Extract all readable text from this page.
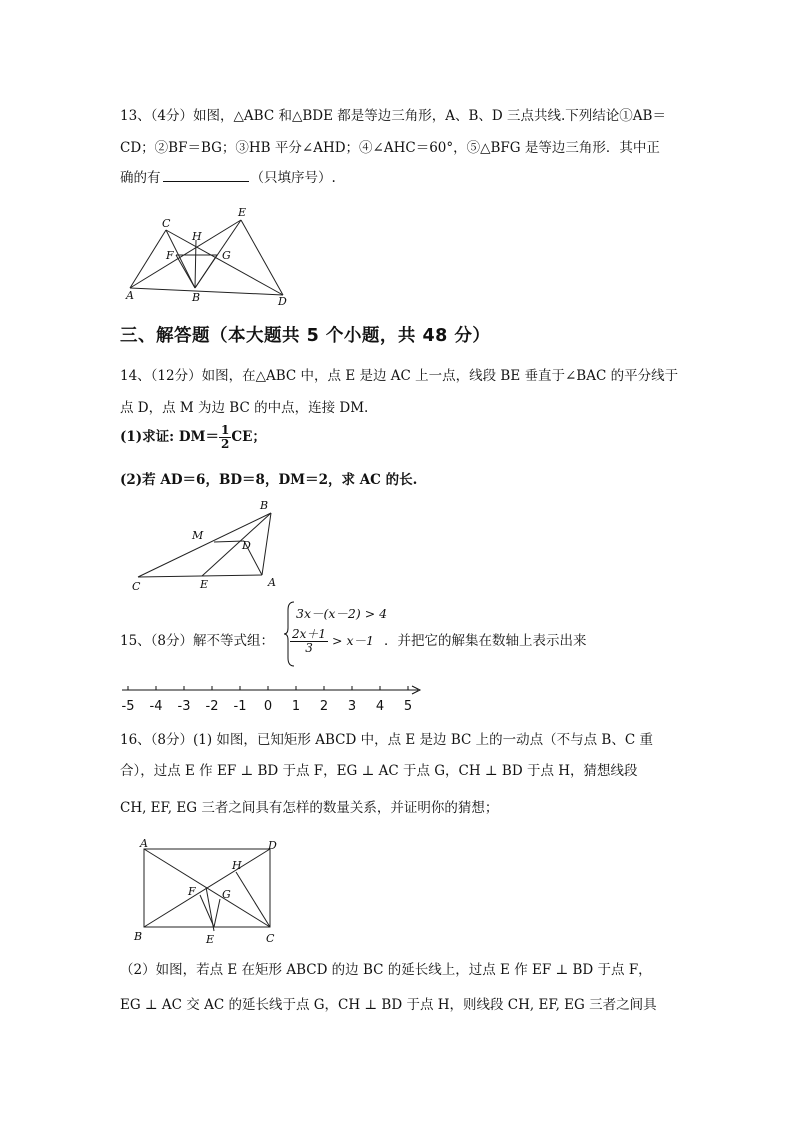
13、（4分）如图，△ABC 和△BDE 都是等边三角形，A、B、D 三点共线.下列结论①AB＝
CD；②BF＝BG；③HB 平分∠AHD；④∠AHC＝60°，⑤△BFG 是等边三角形．其中正
确的有	（只填序号）.
C
E
H
F	G
A	B	D
三、解答题（本大题共 5 个小题，共 48 分）
14、（12分）如图，在△ABC 中，点 E 是边 AC 上一点，线段 BE 垂直于∠BAC 的平分线于
点 D，点 M 为边 BC 的中点，连接 DM.
(1)求证: $DM= \frac{1}{2}$ CE；
(2)若 AD＝6，BD＝8，DM＝2，求 AC 的长.
B
M
D
C	E	A
15、（8分）解不等式组：
3x－(x－2) > 4
$\frac{2x+1}{3} > x-1$ ．并把它的解集在数轴上表示出来
-5 -4 -3 -2 -1 0 1 2 3 4 5
16、（8分）(1) 如图，已知矩形 ABCD 中，点 E 是边 BC 上的一动点（不与点 B、C 重
合），过点 E 作 EF ⊥ BD 于点 F，EG ⊥ AC 于点 G，CH ⊥ BD 于点 H，猜想线段
CH, EF, EG 三者之间具有怎样的数量关系，并证明你的猜想；
A	D
H
F G
B	E	C
（2）如图，若点 E 在矩形 ABCD 的边 BC 的延长线上，过点 E 作 EF ⊥ BD 于点 F，
EG ⊥ AC 交 AC 的延长线于点 G，CH ⊥ BD 于点 H，则线段 CH, EF, EG 三者之间具
